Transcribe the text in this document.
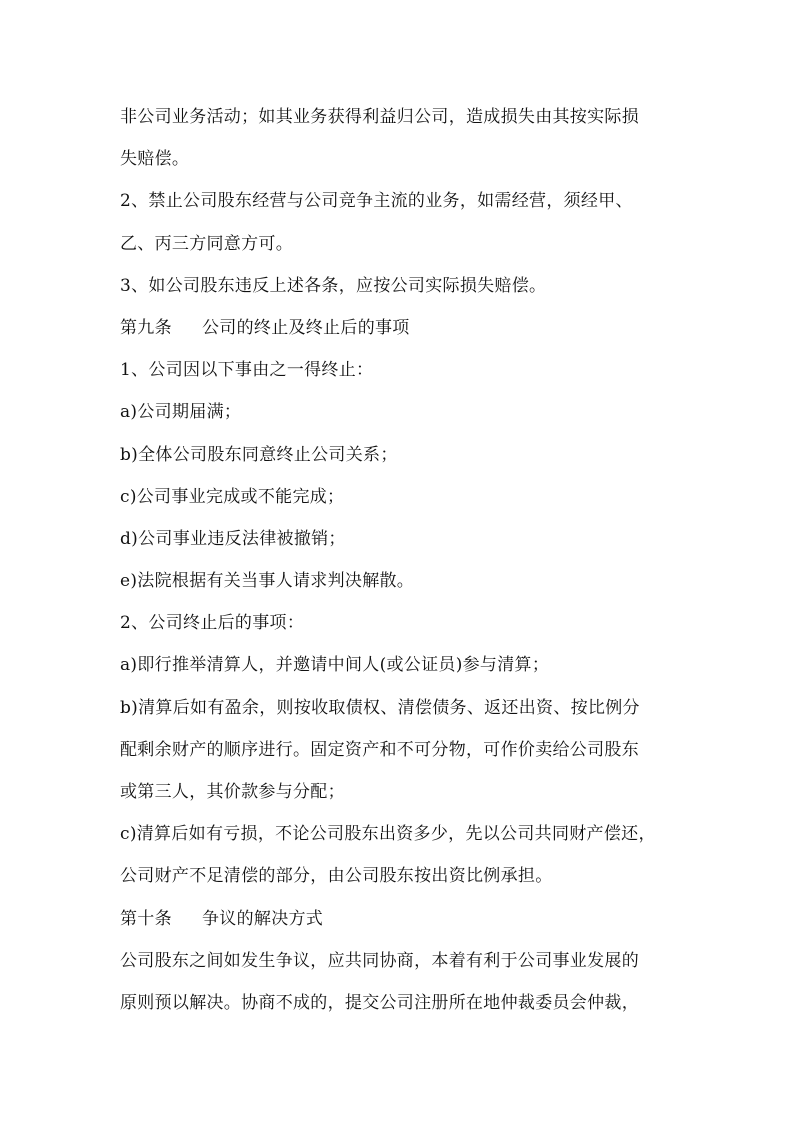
非公司业务活动；如其业务获得利益归公司，造成损失由其按实际损
失赔偿。
2、禁止公司股东经营与公司竞争主流的业务，如需经营，须经甲、
乙、丙三方同意方可。
3、如公司股东违反上述各条，应按公司实际损失赔偿。
第九条 公司的终止及终止后的事项
1、公司因以下事由之一得终止：
a)公司期届满；
b)全体公司股东同意终止公司关系；
c)公司事业完成或不能完成；
d)公司事业违反法律被撤销；
e)法院根据有关当事人请求判决解散。
2、公司终止后的事项：
a)即行推举清算人，并邀请中间人(或公证员)参与清算；
b)清算后如有盈余，则按收取债权、清偿债务、返还出资、按比例分
配剩余财产的顺序进行。固定资产和不可分物，可作价卖给公司股东
或第三人，其价款参与分配；
c)清算后如有亏损，不论公司股东出资多少，先以公司共同财产偿还，
公司财产不足清偿的部分，由公司股东按出资比例承担。
第十条 争议的解决方式
公司股东之间如发生争议，应共同协商，本着有利于公司事业发展的
原则预以解决。协商不成的，提交公司注册所在地仲裁委员会仲裁，
